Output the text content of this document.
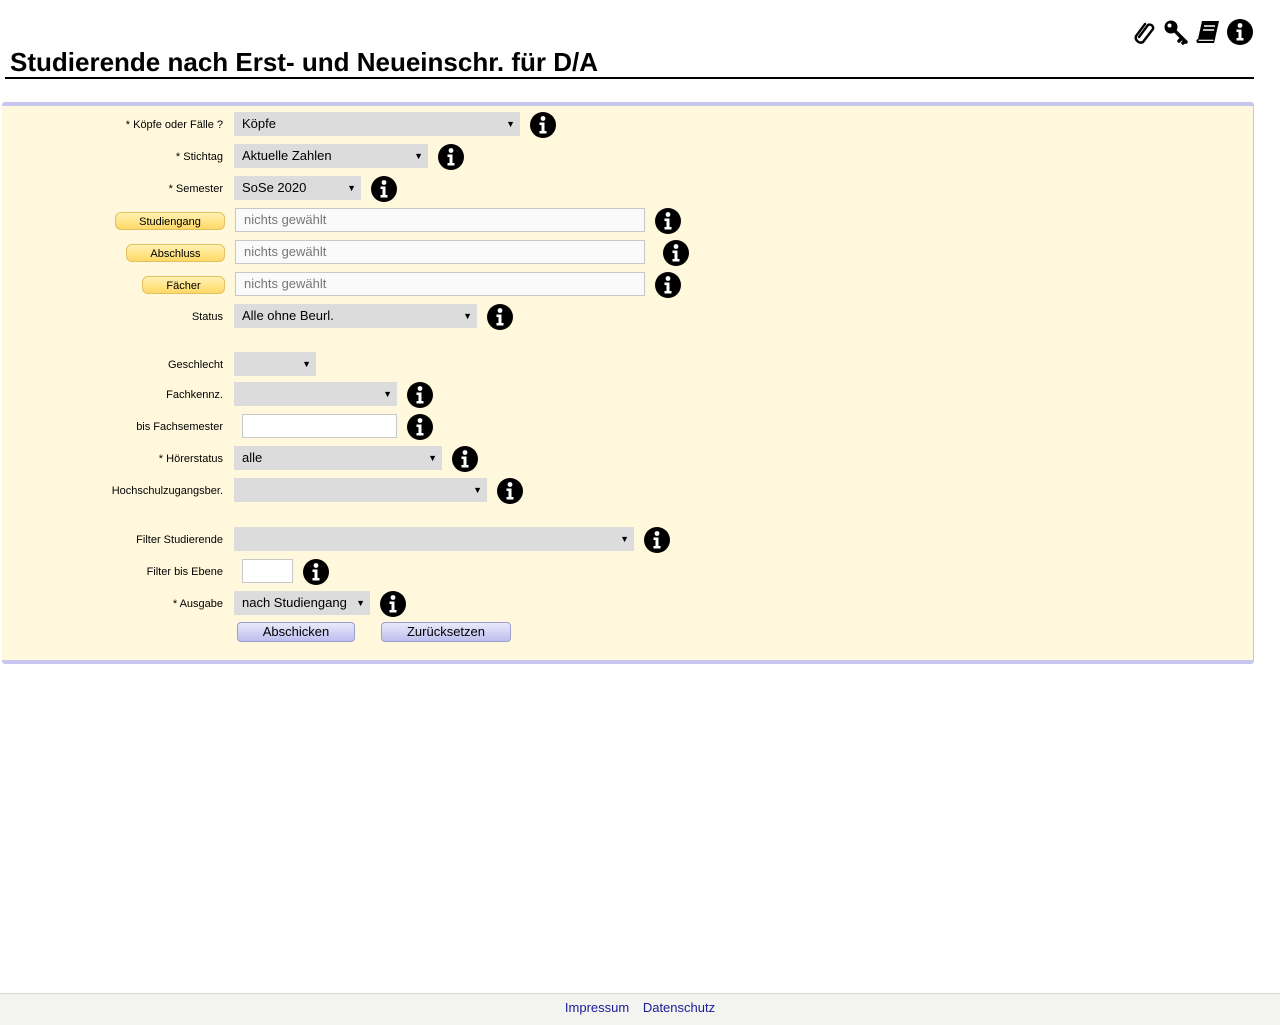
Studierende nach Erst- und Neueinschr. für D/A
* Köpfe oder Fälle ?	Köpfe	▼
* Stichtag	Aktuelle Zahlen	▼
* Semester	SoSe 2020	▼
Studiengang	nichts gewählt
Abschluss	nichts gewählt
Fächer	nichts gewählt
Status	Alle ohne Beurl.	▼
Geschlecht	▼
Fachkennz.	▼
bis Fachsemester
* Hörerstatus	alle	▼
Hochschulzugangsber.	▼
Filter Studierende	▼
Filter bis Ebene
* Ausgabe	nach Studiengang ▼
Abschicken	Zurücksetzen
Impressum Datenschutz
